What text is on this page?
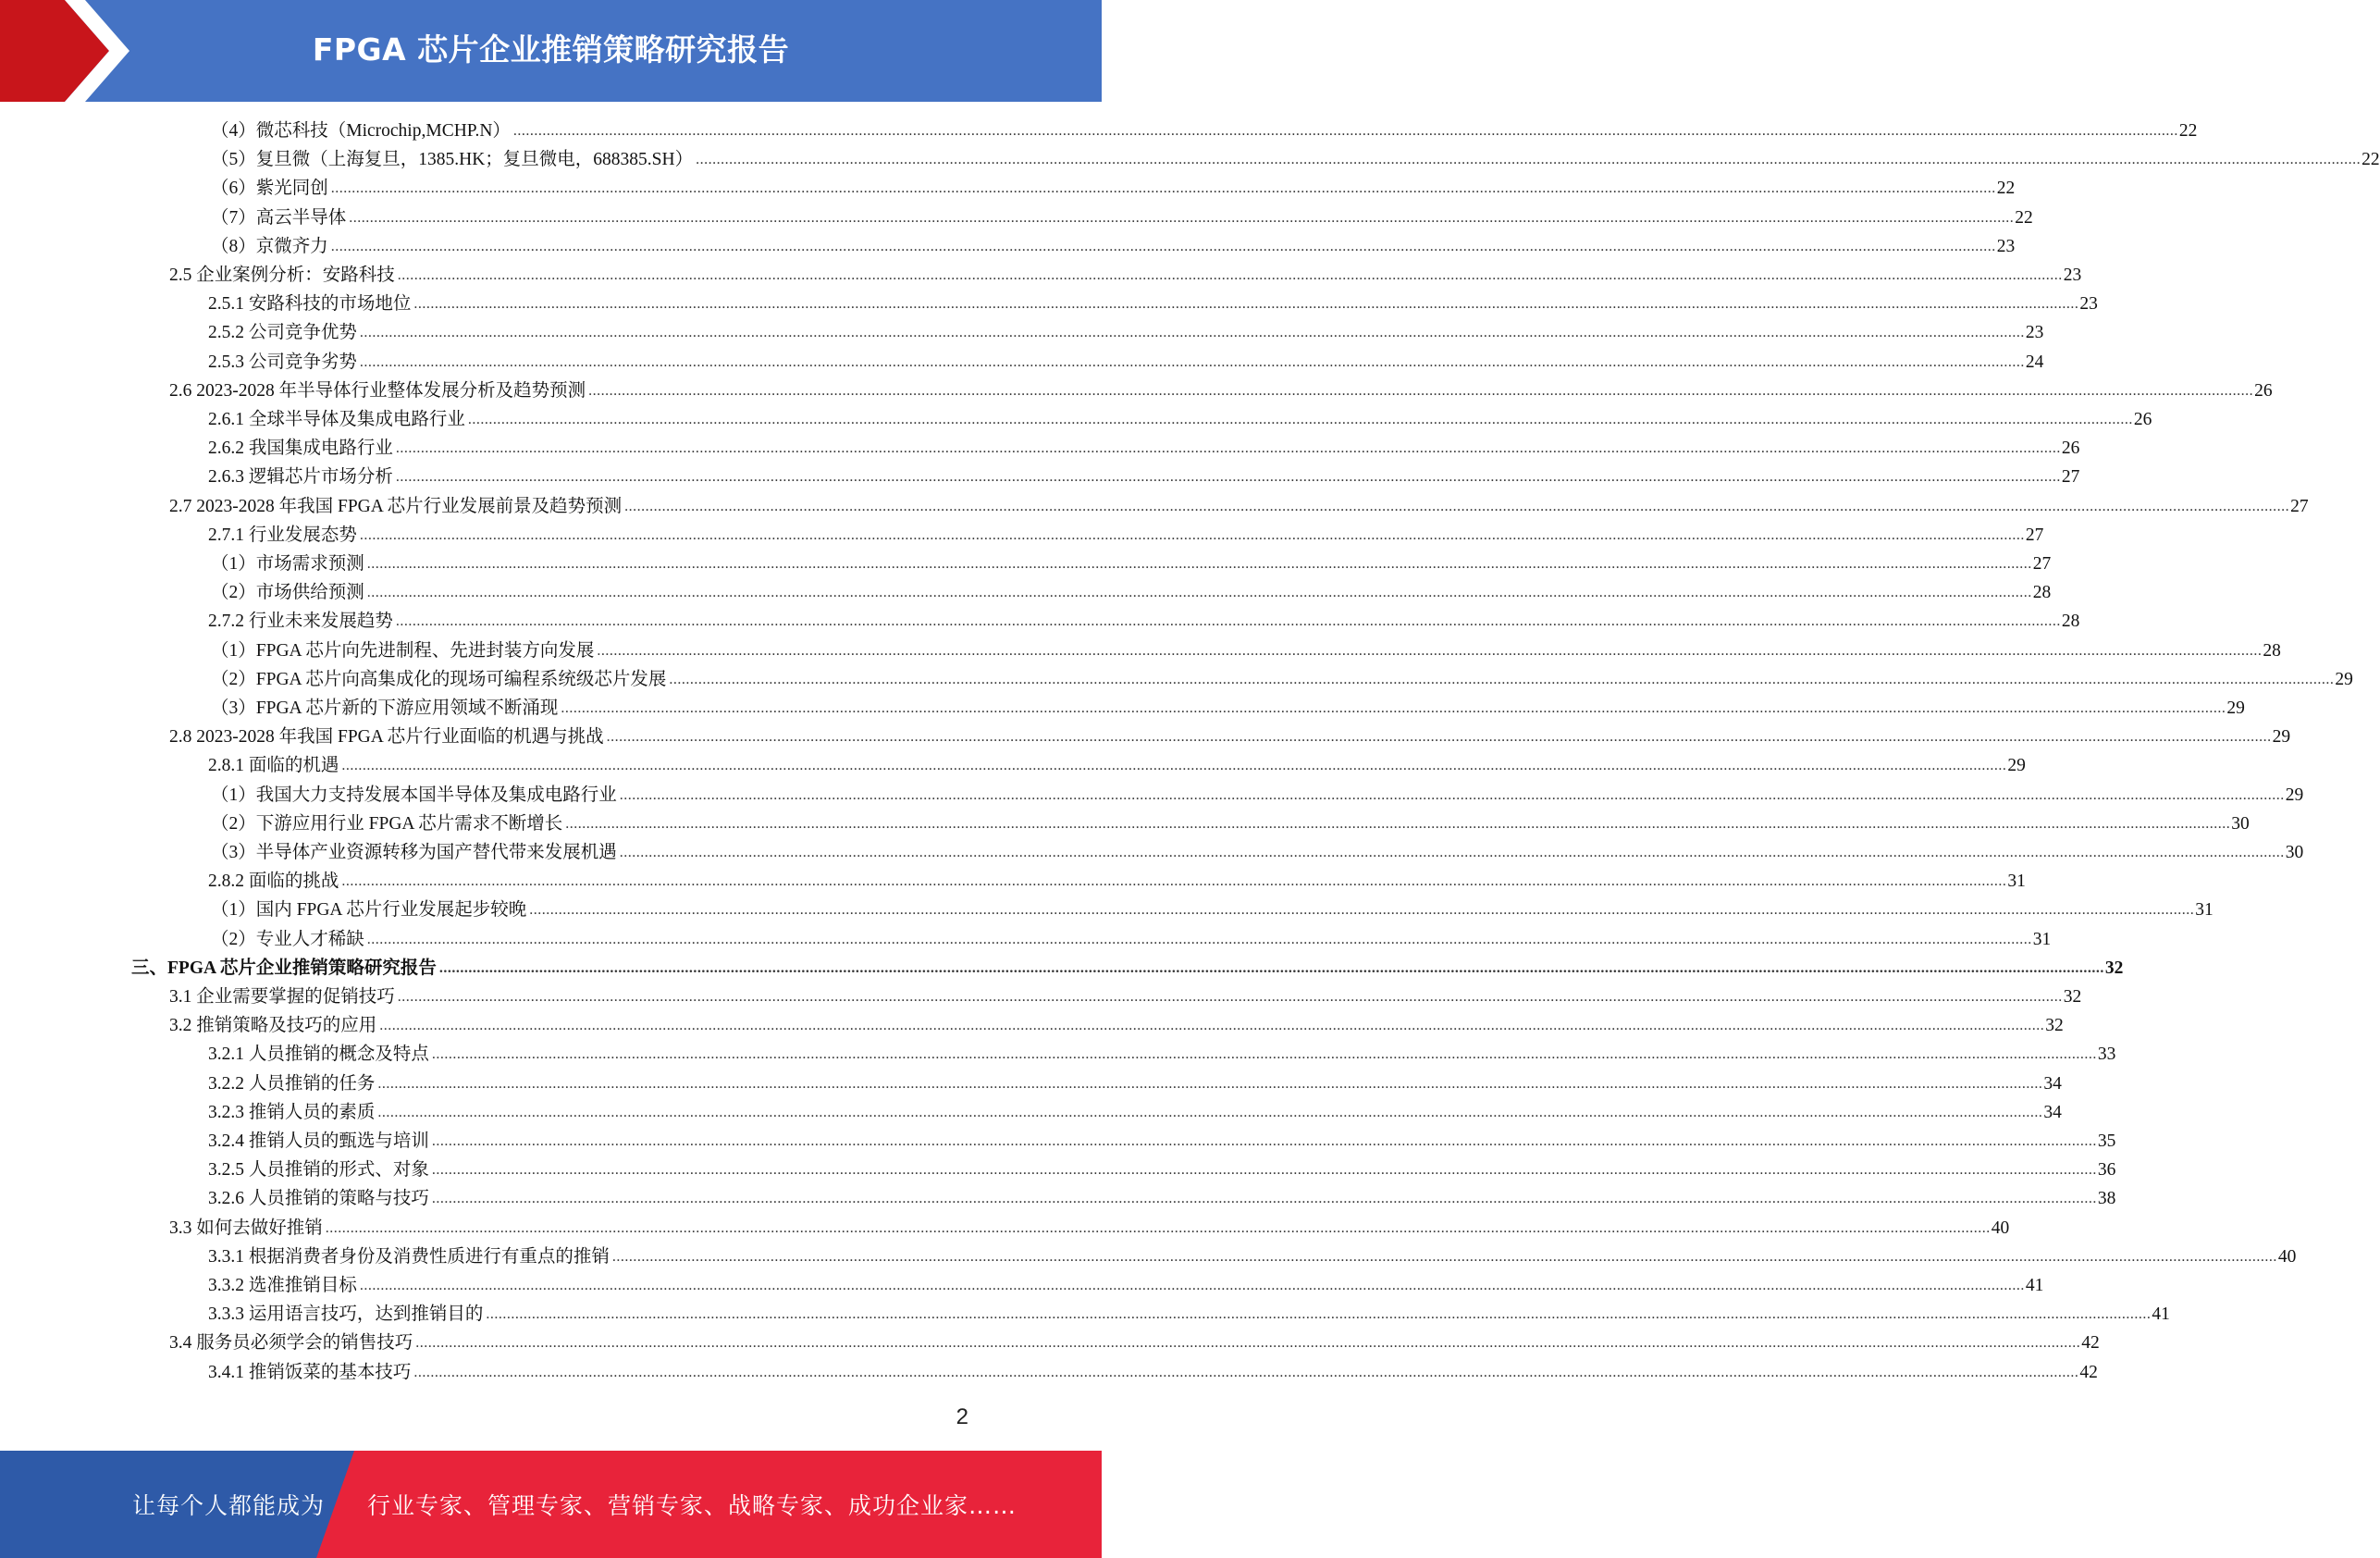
FPGA 芯片企业推销策略研究报告
（4）微芯科技（Microchip,MCHP.N） ................................................................................................................................................................................................................................................................................................................................................................................................................ 22
（5）复旦微（上海复旦，1385.HK；复旦微电，688385.SH） ................................................................................................................................................................................................................................................................................................................................................................................................................ 22
（6）紫光同创 ................................................................................................................................................................................................................................................................................................................................................................................................................ 22
（7）高云半导体 ................................................................................................................................................................................................................................................................................................................................................................................................................ 22
（8）京微齐力 ................................................................................................................................................................................................................................................................................................................................................................................................................ 23
2.5 企业案例分析：安路科技 ................................................................................................................................................................................................................................................................................................................................................................................................................ 23
2.5.1 安路科技的市场地位 ................................................................................................................................................................................................................................................................................................................................................................................................................ 23
2.5.2 公司竞争优势 ................................................................................................................................................................................................................................................................................................................................................................................................................ 23
2.5.3 公司竞争劣势 ................................................................................................................................................................................................................................................................................................................................................................................................................ 24
2.6 2023-2028 年半导体行业整体发展分析及趋势预测 ................................................................................................................................................................................................................................................................................................................................................................................................................ 26
2.6.1 全球半导体及集成电路行业 ................................................................................................................................................................................................................................................................................................................................................................................................................ 26
2.6.2 我国集成电路行业 ................................................................................................................................................................................................................................................................................................................................................................................................................ 26
2.6.3 逻辑芯片市场分析 ................................................................................................................................................................................................................................................................................................................................................................................................................ 27
2.7 2023-2028 年我国 FPGA 芯片行业发展前景及趋势预测 ................................................................................................................................................................................................................................................................................................................................................................................................................ 27
2.7.1 行业发展态势 ................................................................................................................................................................................................................................................................................................................................................................................................................ 27
（1）市场需求预测 ................................................................................................................................................................................................................................................................................................................................................................................................................ 27
（2）市场供给预测 ................................................................................................................................................................................................................................................................................................................................................................................................................ 28
2.7.2 行业未来发展趋势 ................................................................................................................................................................................................................................................................................................................................................................................................................ 28
（1）FPGA 芯片向先进制程、先进封装方向发展 ................................................................................................................................................................................................................................................................................................................................................................................................................ 28
（2）FPGA 芯片向高集成化的现场可编程系统级芯片发展 ................................................................................................................................................................................................................................................................................................................................................................................................................ 29
（3）FPGA 芯片新的下游应用领域不断涌现 ................................................................................................................................................................................................................................................................................................................................................................................................................ 29
2.8 2023-2028 年我国 FPGA 芯片行业面临的机遇与挑战 ................................................................................................................................................................................................................................................................................................................................................................................................................ 29
2.8.1 面临的机遇 ................................................................................................................................................................................................................................................................................................................................................................................................................ 29
（1）我国大力支持发展本国半导体及集成电路行业 ................................................................................................................................................................................................................................................................................................................................................................................................................ 29
（2）下游应用行业 FPGA 芯片需求不断增长 ................................................................................................................................................................................................................................................................................................................................................................................................................ 30
（3）半导体产业资源转移为国产替代带来发展机遇 ................................................................................................................................................................................................................................................................................................................................................................................................................ 30
2.8.2 面临的挑战 ................................................................................................................................................................................................................................................................................................................................................................................................................ 31
（1）国内 FPGA 芯片行业发展起步较晚 ................................................................................................................................................................................................................................................................................................................................................................................................................ 31
（2）专业人才稀缺 ................................................................................................................................................................................................................................................................................................................................................................................................................ 31
三、FPGA 芯片企业推销策略研究报告 ................................................................................................................................................................................................................................................................................................................................................................................................................ 32
3.1 企业需要掌握的促销技巧 ................................................................................................................................................................................................................................................................................................................................................................................................................ 32
3.2 推销策略及技巧的应用 ................................................................................................................................................................................................................................................................................................................................................................................................................ 32
3.2.1 人员推销的概念及特点 ................................................................................................................................................................................................................................................................................................................................................................................................................ 33
3.2.2 人员推销的任务 ................................................................................................................................................................................................................................................................................................................................................................................................................ 34
3.2.3 推销人员的素质 ................................................................................................................................................................................................................................................................................................................................................................................................................ 34
3.2.4 推销人员的甄选与培训 ................................................................................................................................................................................................................................................................................................................................................................................................................ 35
3.2.5 人员推销的形式、对象 ................................................................................................................................................................................................................................................................................................................................................................................................................ 36
3.2.6 人员推销的策略与技巧 ................................................................................................................................................................................................................................................................................................................................................................................................................ 38
3.3 如何去做好推销 ................................................................................................................................................................................................................................................................................................................................................................................................................ 40
3.3.1 根据消费者身份及消费性质进行有重点的推销 ................................................................................................................................................................................................................................................................................................................................................................................................................ 40
3.3.2 选准推销目标 ................................................................................................................................................................................................................................................................................................................................................................................................................ 41
3.3.3 运用语言技巧，达到推销目的 ................................................................................................................................................................................................................................................................................................................................................................................................................ 41
3.4 服务员必须学会的销售技巧 ................................................................................................................................................................................................................................................................................................................................................................................................................ 42
3.4.1 推销饭菜的基本技巧 ................................................................................................................................................................................................................................................................................................................................................................................................................ 42
2
让每个人都能成为 行业专家、管理专家、营销专家、战略专家、成功企业家……
